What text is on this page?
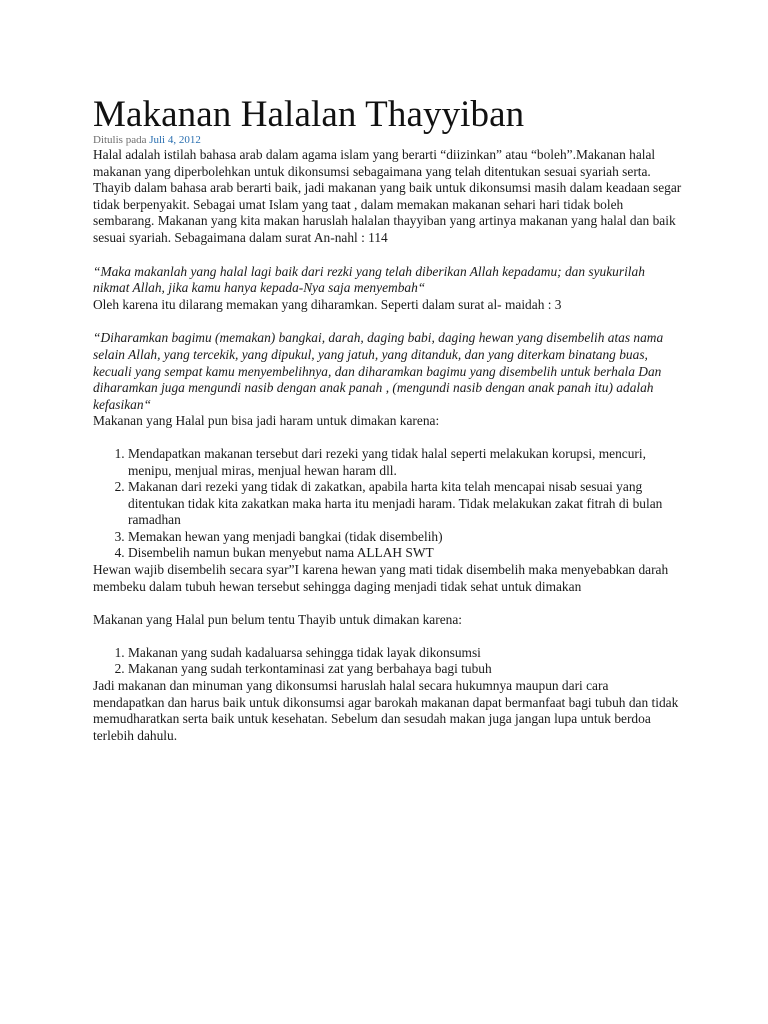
Makanan Halalan Thayyiban
Ditulis pada Juli 4, 2012

Halal adalah istilah bahasa arab dalam agama islam yang berarti “diizinkan” atau “boleh”.Makanan halal makanan yang diperbolehkan untuk dikonsumsi sebagaimana yang telah ditentukan sesuai syariah serta. Thayib dalam bahasa arab berarti baik, jadi makanan yang baik untuk dikonsumsi masih dalam keadaan segar tidak berpenyakit. Sebagai umat Islam yang taat , dalam memakan makanan sehari hari tidak boleh sembarang. Makanan yang kita makan haruslah halalan thayyiban yang artinya makanan yang halal dan baik sesuai syariah. Sebagaimana dalam surat An-nahl : 114

“Maka makanlah yang halal lagi baik dari rezki yang telah diberikan Allah kepadamu; dan syukurilah nikmat Allah, jika kamu hanya kepada-Nya saja menyembah“

Oleh karena itu dilarang memakan yang diharamkan. Seperti dalam surat al- maidah : 3

“Diharamkan bagimu (memakan) bangkai, darah, daging babi, daging hewan yang disembelih atas nama selain Allah, yang tercekik, yang dipukul, yang jatuh, yang ditanduk, dan yang diterkam binatang buas, kecuali yang sempat kamu menyembelihnya, dan diharamkan bagimu yang disembelih untuk berhala Dan diharamkan juga mengundi nasib dengan anak panah , (mengundi nasib dengan anak panah itu) adalah kefasikan“

Makanan yang Halal pun bisa jadi haram untuk dimakan karena:

1. Mendapatkan makanan tersebut dari rezeki yang tidak halal seperti melakukan korupsi, mencuri, menipu, menjual miras, menjual hewan haram dll.
2. Makanan dari rezeki yang tidak di zakatkan, apabila harta kita telah mencapai nisab sesuai yang ditentukan tidak kita zakatkan maka harta itu menjadi haram. Tidak melakukan zakat fitrah di bulan ramadhan
3. Memakan hewan yang menjadi bangkai (tidak disembelih)
4. Disembelih namun bukan menyebut nama ALLAH SWT

Hewan wajib disembelih secara syar”I karena hewan yang mati tidak disembelih maka menyebabkan darah membeku dalam tubuh hewan tersebut sehingga daging menjadi tidak sehat untuk dimakan

Makanan yang Halal pun belum tentu Thayib untuk dimakan karena:

1. Makanan yang sudah kadaluarsa sehingga tidak layak dikonsumsi
2. Makanan yang sudah terkontaminasi zat yang berbahaya bagi tubuh

Jadi makanan dan minuman yang dikonsumsi haruslah halal secara hukumnya maupun dari cara mendapatkan dan harus baik untuk dikonsumsi agar barokah makanan dapat bermanfaat bagi tubuh dan tidak memudharatkan serta baik untuk kesehatan. Sebelum dan sesudah makan juga jangan lupa untuk berdoa terlebih dahulu.
